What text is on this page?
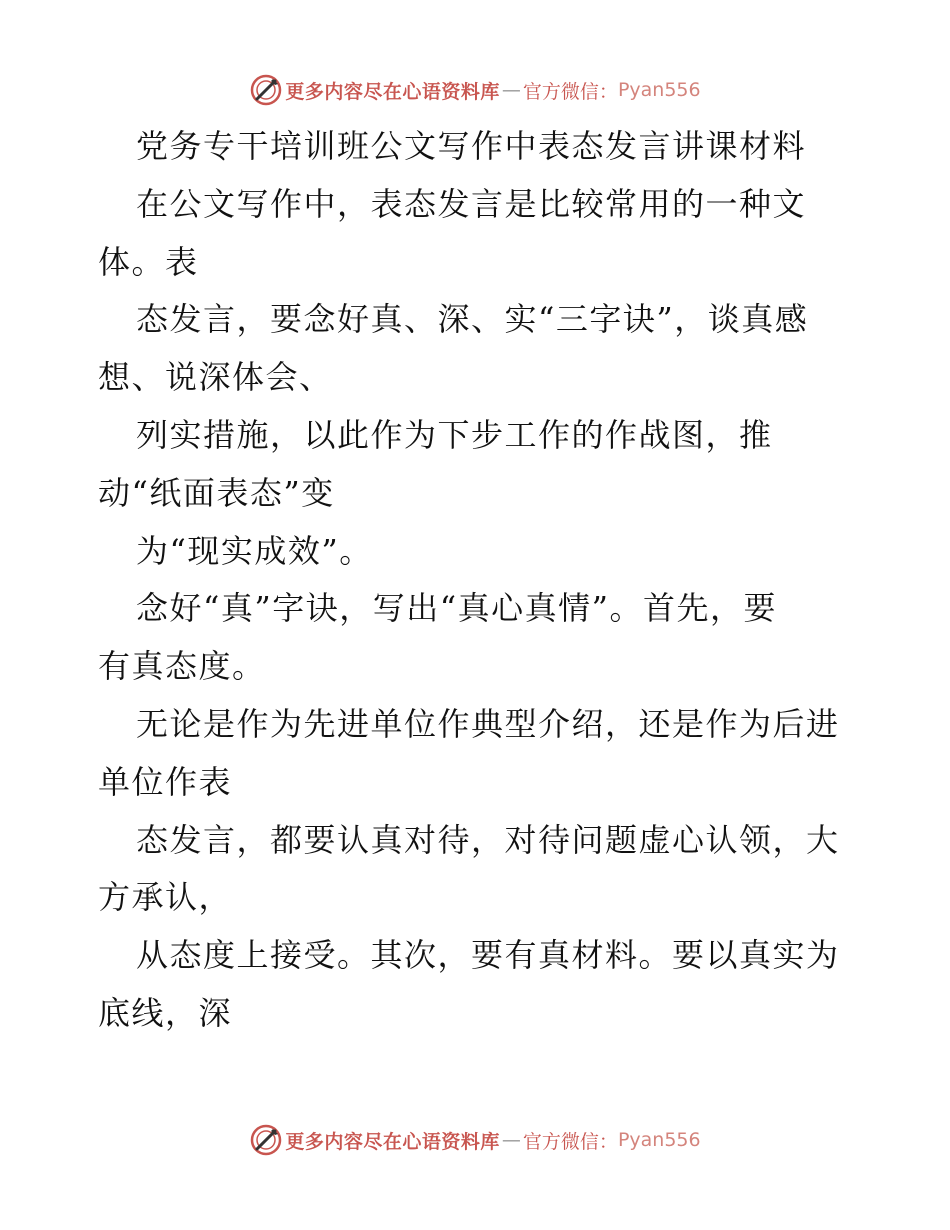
更多内容尽在心语资料库 — 官方微信： Pyan556
党务专干培训班公文写作中表态发言讲课材料
在公文写作中，表态发言是比较常用的一种文
体。表
态发言，要念好真、深、实“三字诀”，谈真感
想、说深体会、
列实措施，以此作为下步工作的作战图，推
动“纸面表态”变
为“现实成效”。
念好“真”字诀，写出“真心真情”。首先，要
有真态度。
无论是作为先进单位作典型介绍，还是作为后进
单位作表
态发言，都要认真对待，对待问题虚心认领，大
方承认，
从态度上接受。其次，要有真材料。要以真实为
底线，深
更多内容尽在心语资料库 — 官方微信： Pyan556
